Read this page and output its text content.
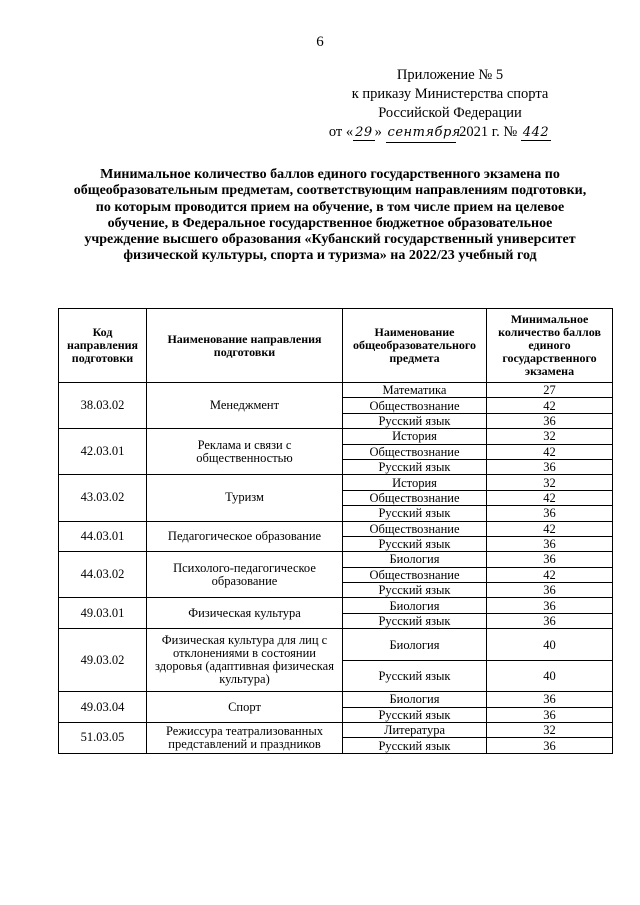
6
Приложение № 5
к приказу Министерства спорта
Российской Федерации
от « 29 » сентября 2021 г. № 442
Минимальное количество баллов единого государственного экзамена по общеобразовательным предметам, соответствующим направлениям подготовки, по которым проводится прием на обучение, в том числе прием на целевое обучение, в Федеральное государственное бюджетное образовательное учреждение высшего образования «Кубанский государственный университет физической культуры, спорта и туризма» на 2022/23 учебный год
Код направления подготовки	Наименование направления подготовки	Наименование общеобразовательного предмета	Минимальное количество баллов единого государственного экзамена
38.03.02	Менеджмент	Математика	27
		Обществознание	42
		Русский язык	36
42.03.01	Реклама и связи с общественностью	История	32
		Обществознание	42
		Русский язык	36
43.03.02	Туризм	История	32
		Обществознание	42
		Русский язык	36
44.03.01	Педагогическое образование	Обществознание	42
		Русский язык	36
44.03.02	Психолого-педагогическое образование	Биология	36
		Обществознание	42
		Русский язык	36
49.03.01	Физическая культура	Биология	36
		Русский язык	36
49.03.02	Физическая культура для лиц с отклонениями в состоянии здоровья (адаптивная физическая культура)	Биология	40
		Русский язык	40
49.03.04	Спорт	Биология	36
		Русский язык	36
51.03.05	Режиссура театрализованных представлений и праздников	Литература	32
		Русский язык	36
